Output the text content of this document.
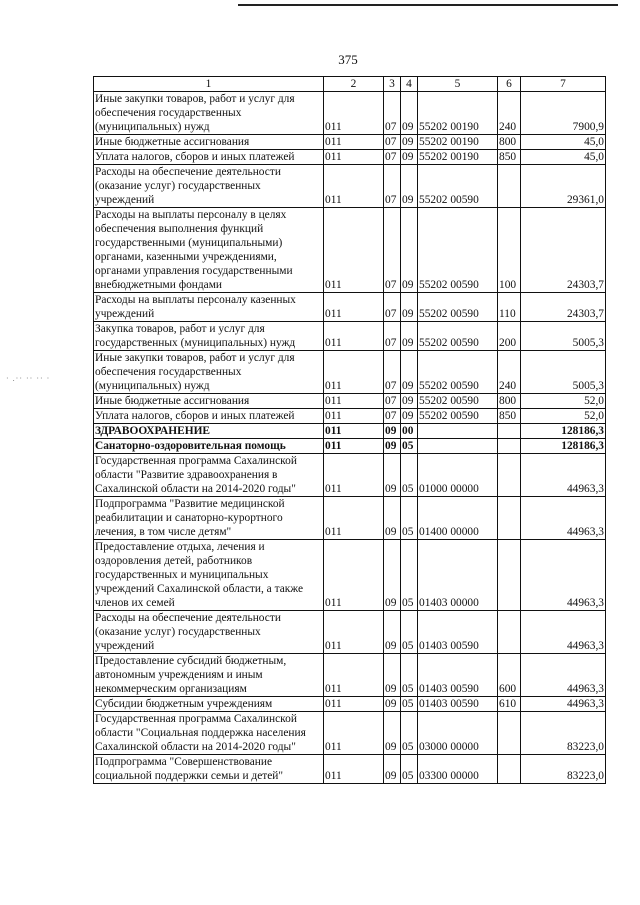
375
· .·· ·· ·· ·
1	2	3	4	5	6	7
Иные закупки товаров, работ и услуг для обеспечения государственных (муниципальных) нужд	011	07	09	55202 00190	240	7900,9
Иные бюджетные ассигнования	011	07	09	55202 00190	800	45,0
Уплата налогов, сборов и иных платежей	011	07	09	55202 00190	850	45,0
Расходы на обеспечение деятельности (оказание услуг) государственных учреждений	011	07	09	55202 00590		29361,0
Расходы на выплаты персоналу в целях обеспечения выполнения функций государственными (муниципальными) органами, казенными учреждениями, органами управления государственными внебюджетными фондами	011	07	09	55202 00590	100	24303,7
Расходы на выплаты персоналу казенных учреждений	011	07	09	55202 00590	110	24303,7
Закупка товаров, работ и услуг для государственных (муниципальных) нужд	011	07	09	55202 00590	200	5005,3
Иные закупки товаров, работ и услуг для обеспечения государственных (муниципальных) нужд	011	07	09	55202 00590	240	5005,3
Иные бюджетные ассигнования	011	07	09	55202 00590	800	52,0
Уплата налогов, сборов и иных платежей	011	07	09	55202 00590	850	52,0
ЗДРАВООХРАНЕНИЕ	011	09	00			128186,3
Санаторно-оздоровительная помощь	011	09	05			128186,3
Государственная программа Сахалинской области "Развитие здравоохранения в Сахалинской области на 2014-2020 годы"	011	09	05	01000 00000		44963,3
Подпрограмма "Развитие медицинской реабилитации и санаторно-курортного лечения, в том числе детям"	011	09	05	01400 00000		44963,3
Предоставление отдыха, лечения и оздоровления детей, работников государственных и муниципальных учреждений Сахалинской области, а также членов их семей	011	09	05	01403 00000		44963,3
Расходы на обеспечение деятельности (оказание услуг) государственных учреждений	011	09	05	01403 00590		44963,3
Предоставление субсидий бюджетным, автономным учреждениям и иным некоммерческим организациям	011	09	05	01403 00590	600	44963,3
Субсидии бюджетным учреждениям	011	09	05	01403 00590	610	44963,3
Государственная программа Сахалинской области "Социальная поддержка населения Сахалинской области на 2014-2020 годы"	011	09	05	03000 00000		83223,0
Подпрограмма "Совершенствование социальной поддержки семьи и детей"	011	09	05	03300 00000		83223,0
